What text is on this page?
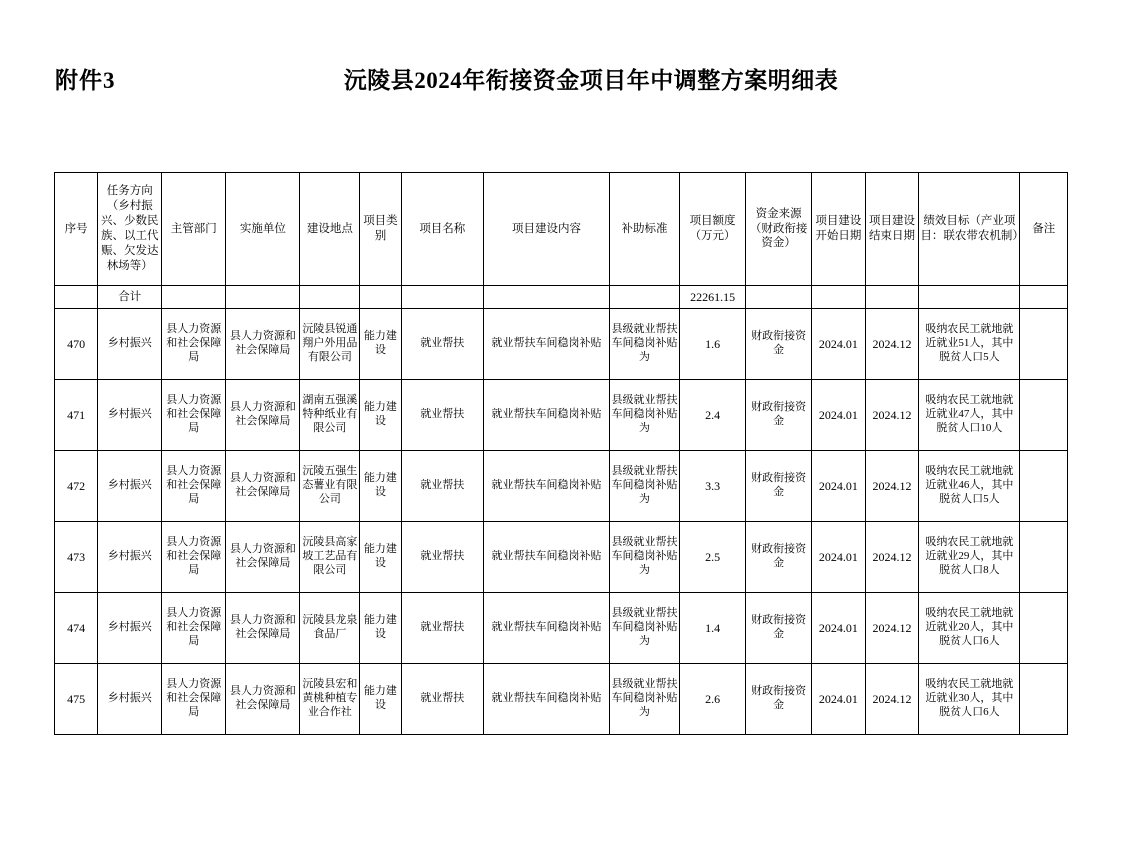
附件3	沅陵县2024年衔接资金项目年中调整方案明细表
序号	任务方向（乡村振兴、少数民族、以工代赈、欠发达林场等）	主管部门	实施单位	建设地点	项目类别	项目名称	项目建设内容	补助标准	项目额度（万元）	资金来源（财政衔接资金）	项目建设开始日期	项目建设结束日期	绩效目标（产业项目：联农带农机制）	备注
	合计								22261.15					
470	乡村振兴	县人力资源和社会保障局	县人力资源和社会保障局	沅陵县锐通翔户外用品有限公司	能力建设	就业帮扶	就业帮扶车间稳岗补贴	县级就业帮扶车间稳岗补贴为	1.6	财政衔接资金	2024.01	2024.12	吸纳农民工就地就近就业51人，其中脱贫人口5人	
471	乡村振兴	县人力资源和社会保障局	县人力资源和社会保障局	湖南五强溪特种纸业有限公司	能力建设	就业帮扶	就业帮扶车间稳岗补贴	县级就业帮扶车间稳岗补贴为	2.4	财政衔接资金	2024.01	2024.12	吸纳农民工就地就近就业47人，其中脱贫人口10人	
472	乡村振兴	县人力资源和社会保障局	县人力资源和社会保障局	沅陵五强生态薯业有限公司	能力建设	就业帮扶	就业帮扶车间稳岗补贴	县级就业帮扶车间稳岗补贴为	3.3	财政衔接资金	2024.01	2024.12	吸纳农民工就地就近就业46人，其中脱贫人口5人	
473	乡村振兴	县人力资源和社会保障局	县人力资源和社会保障局	沅陵县高家坡工艺品有限公司	能力建设	就业帮扶	就业帮扶车间稳岗补贴	县级就业帮扶车间稳岗补贴为	2.5	财政衔接资金	2024.01	2024.12	吸纳农民工就地就近就业29人，其中脱贫人口8人	
474	乡村振兴	县人力资源和社会保障局	县人力资源和社会保障局	沅陵县龙泉食品厂	能力建设	就业帮扶	就业帮扶车间稳岗补贴	县级就业帮扶车间稳岗补贴为	1.4	财政衔接资金	2024.01	2024.12	吸纳农民工就地就近就业20人，其中脱贫人口6人	
475	乡村振兴	县人力资源和社会保障局	县人力资源和社会保障局	沅陵县宏和黄桃种植专业合作社	能力建设	就业帮扶	就业帮扶车间稳岗补贴	县级就业帮扶车间稳岗补贴为	2.6	财政衔接资金	2024.01	2024.12	吸纳农民工就地就近就业30人，其中脱贫人口6人	
